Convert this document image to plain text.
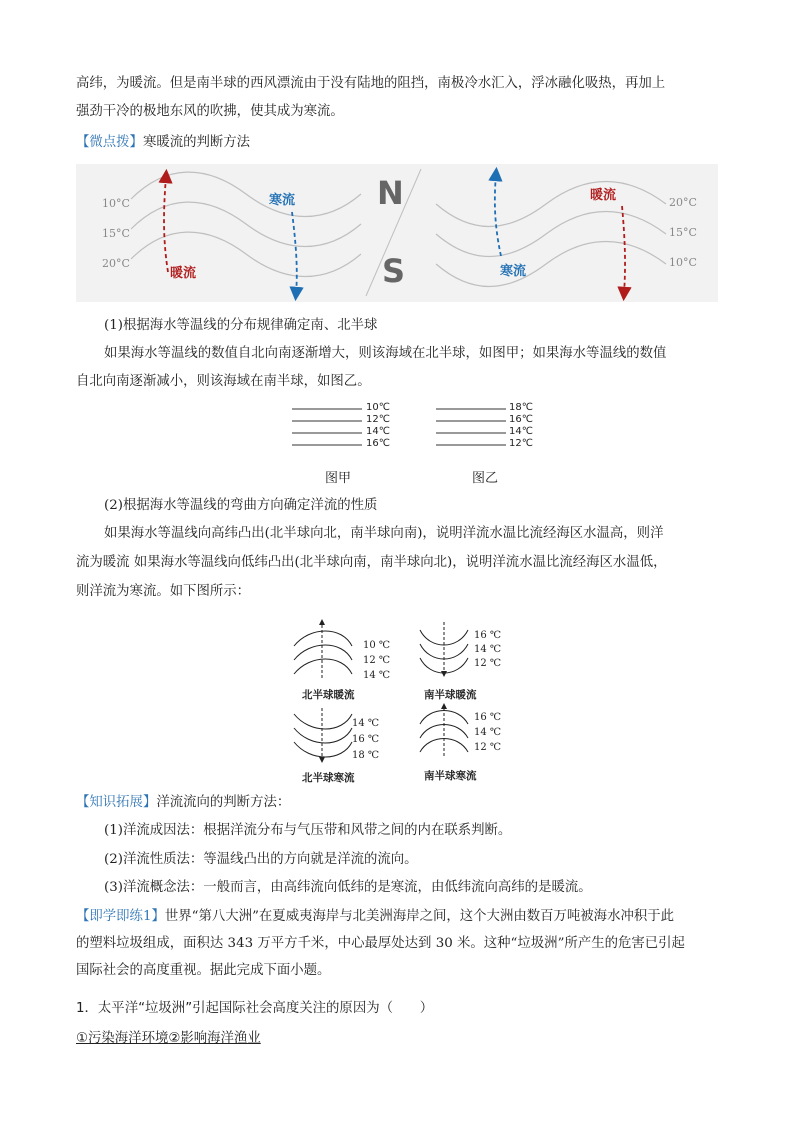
高纬，为暖流。但是南半球的西风漂流由于没有陆地的阻挡，南极冷水汇入，浮冰融化吸热，再加上
强劲干冷的极地东风的吹拂，使其成为寒流。
【微点拨】寒暖流的判断方法
10°C
15°C
20°C
20°C
15°C
10°C
寒流
暖流
暖流
寒流
N
S
(1)根据海水等温线的分布规律确定南、北半球
如果海水等温线的数值自北向南逐渐增大，则该海域在北半球，如图甲；如果海水等温线的数值
自北向南逐渐减小，则该海域在南半球，如图乙。
10℃
12℃
14℃
16℃
图甲
18℃
16℃
14℃
12℃
图乙
(2)根据海水等温线的弯曲方向确定洋流的性质
如果海水等温线向高纬凸出(北半球向北，南半球向南)，说明洋流水温比流经海区水温高，则洋
流为暖流 如果海水等温线向低纬凸出(北半球向南，南半球向北)，说明洋流水温比流经海区水温低，
则洋流为寒流。如下图所示：
10 ℃
12 ℃
14 ℃
北半球暖流
16 ℃
14 ℃
12 ℃
南半球暖流
14 ℃
16 ℃
18 ℃
北半球寒流
16 ℃
14 ℃
12 ℃
南半球寒流
【知识拓展】洋流流向的判断方法：
(1)洋流成因法：根据洋流分布与气压带和风带之间的内在联系判断。
(2)洋流性质法：等温线凸出的方向就是洋流的流向。
(3)洋流概念法：一般而言，由高纬流向低纬的是寒流，由低纬流向高纬的是暖流。
【即学即练1】世界“第八大洲”在夏威夷海岸与北美洲海岸之间，这个大洲由数百万吨被海水冲积于此
的塑料垃圾组成，面积达 343 万平方千米，中心最厚处达到 30 米。这种“垃圾洲”所产生的危害已引起
国际社会的高度重视。据此完成下面小题。
1．太平洋“垃圾洲”引起国际社会高度关注的原因为（　　）
①污染海洋环境②影响海洋渔业
